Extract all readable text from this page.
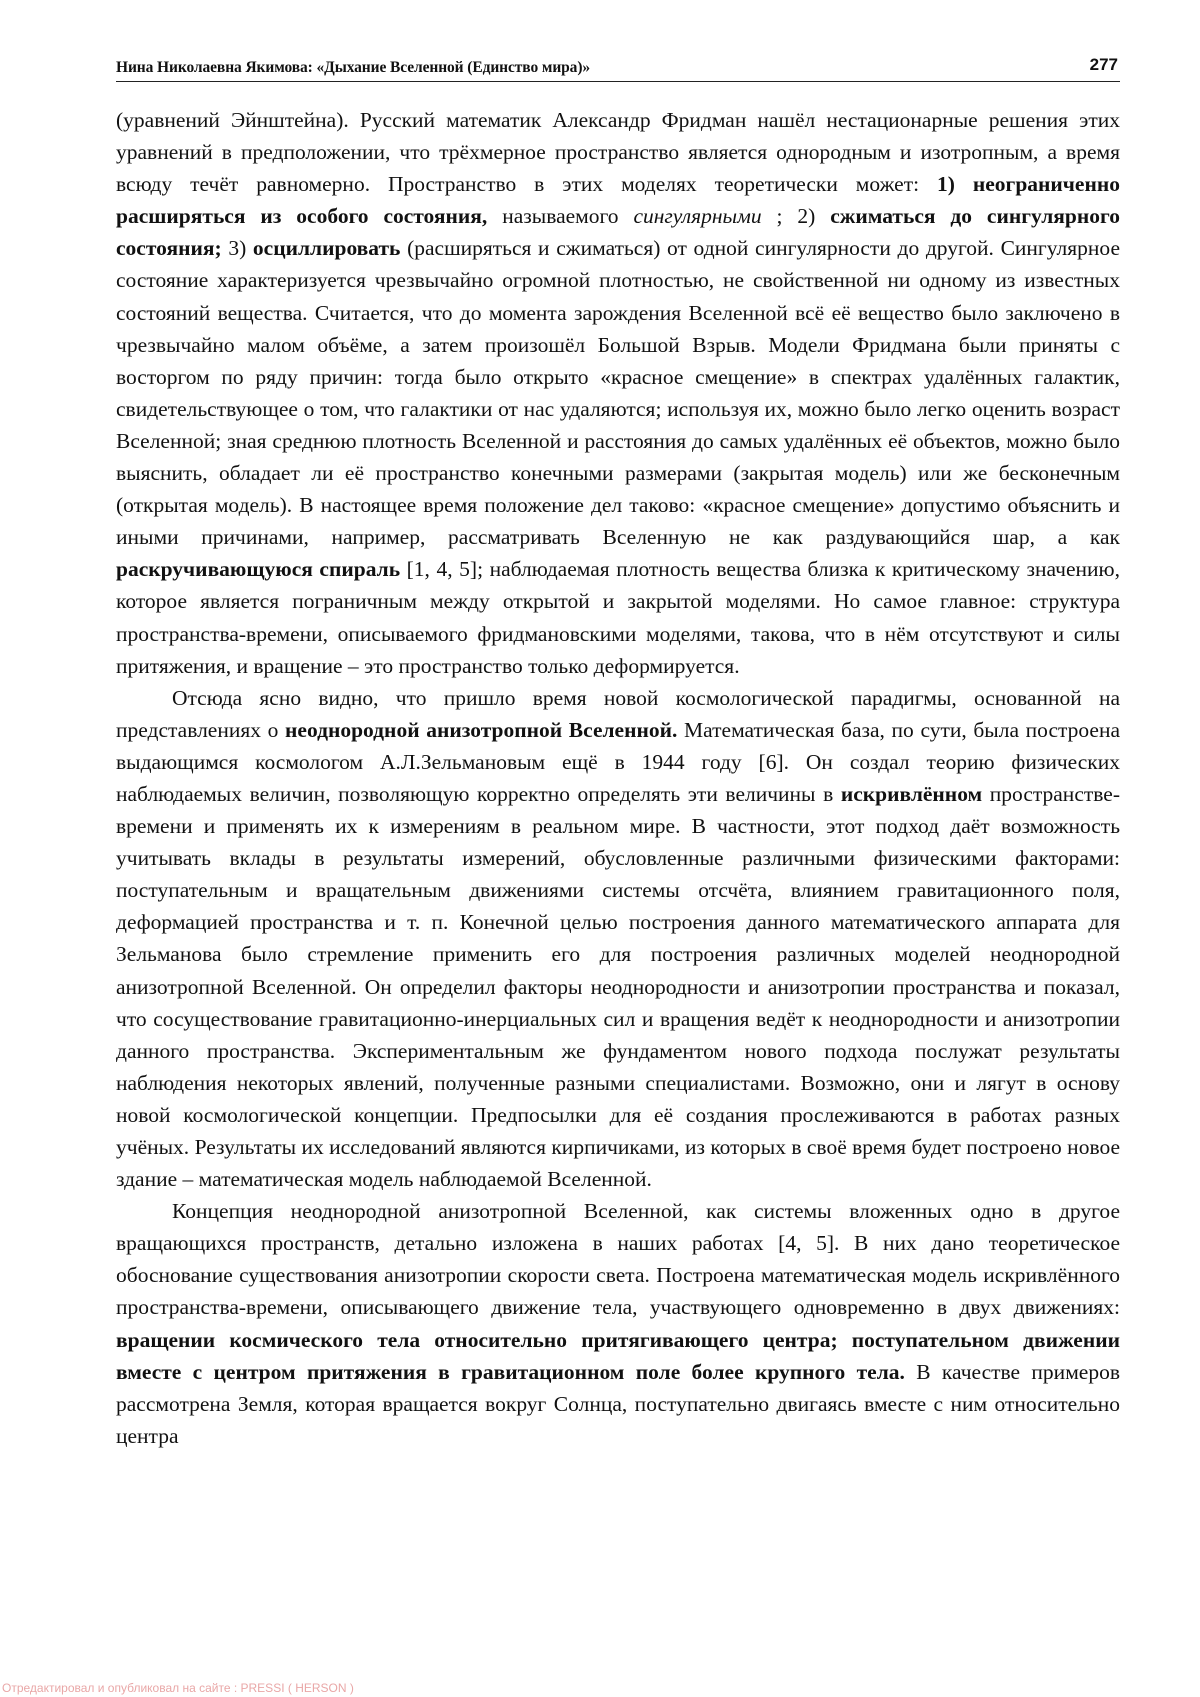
Нина Николаевна Якимова: «Дыхание Вселенной (Единство мира)»	277

(уравнений Эйнштейна). Русский математик Александр Фридман нашёл нестационарные решения этих уравнений в предположении, что трёхмерное пространство является однородным и изотропным, а время всюду течёт равномерно. Пространство в этих моделях теоретически может: 1) неограниченно расширяться из особого состояния, называемого сингулярными ; 2) сжиматься до сингулярного состояния; 3) осциллировать (расширяться и сжиматься) от одной сингулярности до другой. Сингулярное состояние характеризуется чрезвычайно огромной плотностью, не свойственной ни одному из известных состояний вещества. Считается, что до момента зарождения Вселенной всё её вещество было заключено в чрезвычайно малом объёме, а затем произошёл Большой Взрыв. Модели Фридмана были приняты с восторгом по ряду причин: тогда было открыто «красное смещение» в спектрах удалённых галактик, свидетельствующее о том, что галактики от нас удаляются; используя их, можно было легко оценить возраст Вселенной; зная среднюю плотность Вселенной и расстояния до самых удалённых её объектов, можно было выяснить, обладает ли её пространство конечными размерами (закрытая модель) или же бесконечным (открытая модель). В настоящее время положение дел таково: «красное смещение» допустимо объяснить и иными причинами, например, рассматривать Вселенную не как раздувающийся шар, а как раскручивающуюся спираль [1, 4, 5]; наблюдаемая плотность вещества близка к критическому значению, которое является пограничным между открытой и закрытой моделями. Но самое главное: структура пространства-времени, описываемого фридмановскими моделями, такова, что в нём отсутствуют и силы притяжения, и вращение – это пространство только деформируется.

Отсюда ясно видно, что пришло время новой космологической парадигмы, основанной на представлениях о неоднородной анизотропной Вселенной. Математическая база, по сути, была построена выдающимся космологом А.Л.Зельмановым ещё в 1944 году [6]. Он создал теорию физических наблюдаемых величин, позволяющую корректно определять эти величины в искривлённом пространстве-времени и применять их к измерениям в реальном мире. В частности, этот подход даёт возможность учитывать вклады в результаты измерений, обусловленные различными физическими факторами: поступательным и вращательным движениями системы отсчёта, влиянием гравитационного поля, деформацией пространства и т. п. Конечной целью построения данного математического аппарата для Зельманова было стремление применить его для построения различных моделей неоднородной анизотропной Вселенной. Он определил факторы неоднородности и анизотропии пространства и показал, что сосуществование гравитационно-инерциальных сил и вращения ведёт к неоднородности и анизотропии данного пространства. Экспериментальным же фундаментом нового подхода послужат результаты наблюдения некоторых явлений, полученные разными специалистами. Возможно, они и лягут в основу новой космологической концепции. Предпосылки для её создания прослеживаются в работах разных учёных. Результаты их исследований являются кирпичиками, из которых в своё время будет построено новое здание – математическая модель наблюдаемой Вселенной.

Концепция неоднородной анизотропной Вселенной, как системы вложенных одно в другое вращающихся пространств, детально изложена в наших работах [4, 5]. В них дано теоретическое обоснование существования анизотропии скорости света. Построена математическая модель искривлённого пространства-времени, описывающего движение тела, участвующего одновременно в двух движениях: вращении космического тела относительно притягивающего центра; поступательном движении вместе с центром притяжения в гравитационном поле более крупного тела. В качестве примеров рассмотрена Земля, которая вращается вокруг Солнца, поступательно двигаясь вместе с ним относительно центра

Отредактировал и опубликовал на сайте : PRESSI ( HERSON )
